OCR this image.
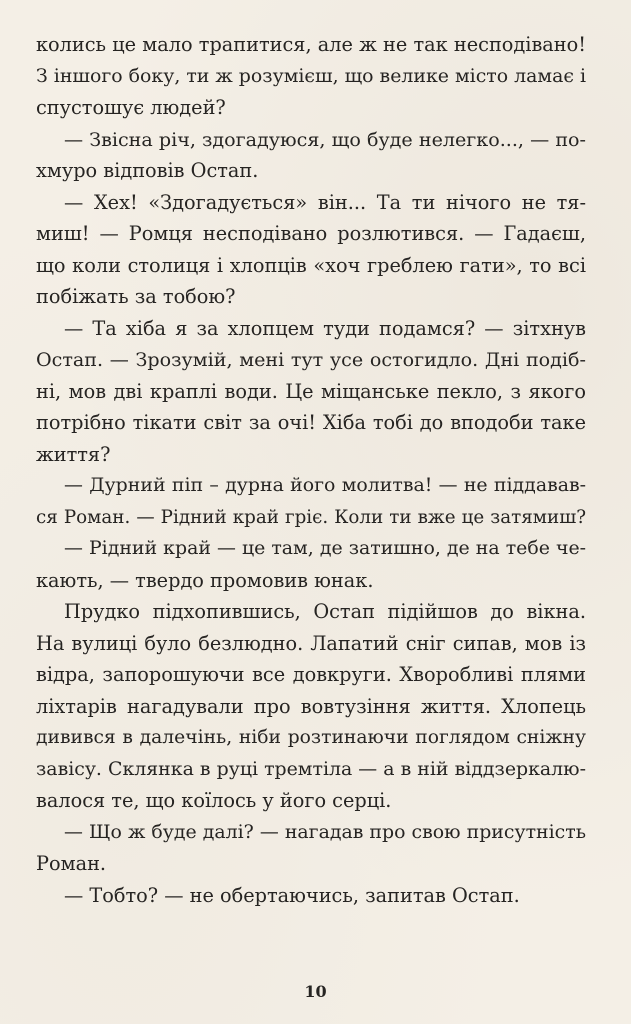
колись це мало трапитися, але ж не так несподівано!
З іншого боку, ти ж розумієш, що велике місто ламає і
спустошує людей?
— Звісна річ, здогадуюся, що буде нелегко..., — по-
хмуро відповів Остап.
— Хех! «Здогадується» він... Та ти нічого не тя-
миш! — Ромця несподівано розлютився. — Гадаєш,
що коли столиця і хлопців «хоч греблею гати», то всі
побіжать за тобою?
— Та хіба я за хлопцем туди подамся? — зітхнув
Остап. — Зрозумій, мені тут усе остогидло. Дні подіб-
ні, мов дві краплі води. Це міщанське пекло, з якого
потрібно тікати світ за очі! Хіба тобі до вподоби таке
життя?
— Дурний піп – дурна його молитва! — не піддавав-
ся Роман. — Рідний край гріє. Коли ти вже це затямиш?
— Рідний край — це там, де затишно, де на тебе че-
кають, — твердо промовив юнак.
Прудко підхопившись, Остап підійшов до вікна.
На вулиці було безлюдно. Лапатий сніг сипав, мов із
відра, запорошуючи все довкруги. Хворобливі плями
ліхтарів нагадували про вовтузіння життя. Хлопець
дивився в далечінь, ніби розтинаючи поглядом сніжну
завісу. Склянка в руці тремтіла — а в ній віддзеркалю-
валося те, що коїлось у його серці.
— Що ж буде далі? — нагадав про свою присутність
Роман.
— Тобто? — не обертаючись, запитав Остап.
10
